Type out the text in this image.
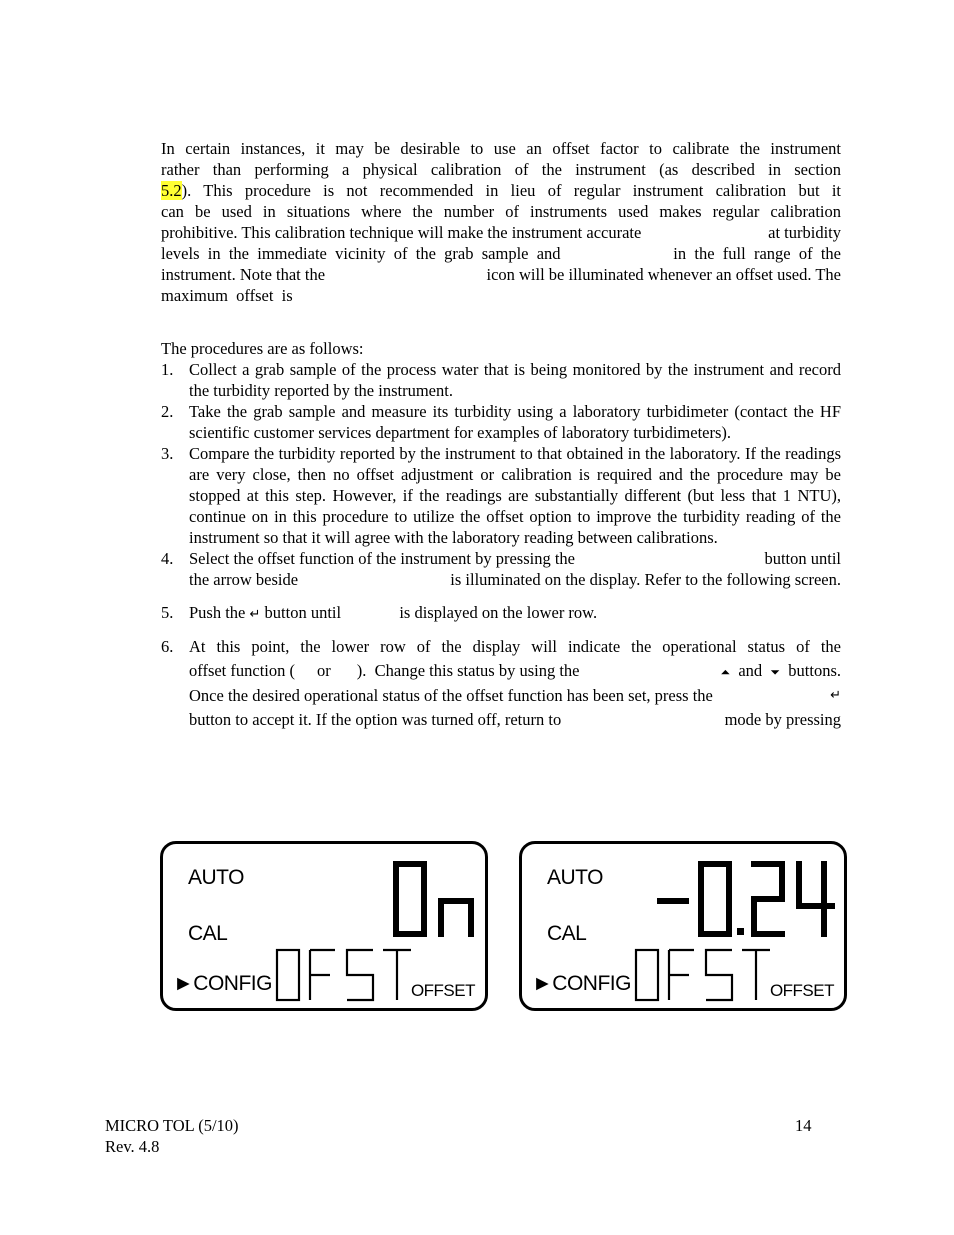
In certain instances, it may be desirable to use an offset factor to calibrate the instrument

rather than performing a physical calibration of the instrument (as described in section

5.2). This procedure is not recommended in lieu of regular instrument calibration but it

can be used in situations where the number of instruments used makes regular calibration

prohibitive. This calibration technique will make the instrument accurate	at turbidity

levels  in  the  immediate  vicinity  of  the  grab  sample  and	in  the  full  range  of  the

instrument. Note that the	icon will be illuminated whenever an offset used. The

maximum  offset  is

The procedures are as follows:

1. Collect a grab sample of the process water that is being monitored by the instrument and record the turbidity reported by the instrument.
2. Take the grab sample and measure its turbidity using a laboratory turbidimeter (contact the HF scientific customer services department for examples of laboratory turbidimeters).
3. Compare the turbidity reported by the instrument to that obtained in the laboratory. If the readings are very close, then no offset adjustment or calibration is required and the procedure may be stopped at this step. However, if the readings are substantially different (but less that 1 NTU), continue on in this procedure to utilize the offset option to improve the turbidity reading of the instrument so that it will agree with the laboratory reading between calibrations.
4. Select the offset function of the instrument by pressing the	button until
the arrow beside	is illuminated on the display. Refer to the following screen.
5. Push the ↵ button until	is displayed on the lower row.
6. At this point, the lower row of the display will indicate the operational status of the
offset function ( or ).  Change this status by using the	⏶ and ⏷ buttons.
Once the desired operational status of the offset function has been set, press the	↵
button to accept it. If the option was turned off, return to	mode by pressing
AUTO
CAL
►CONFIG	OFFSET
AUTO
CAL
►CONFIG	OFFSET
MICRO TOL (5/10)
Rev. 4.8
14
